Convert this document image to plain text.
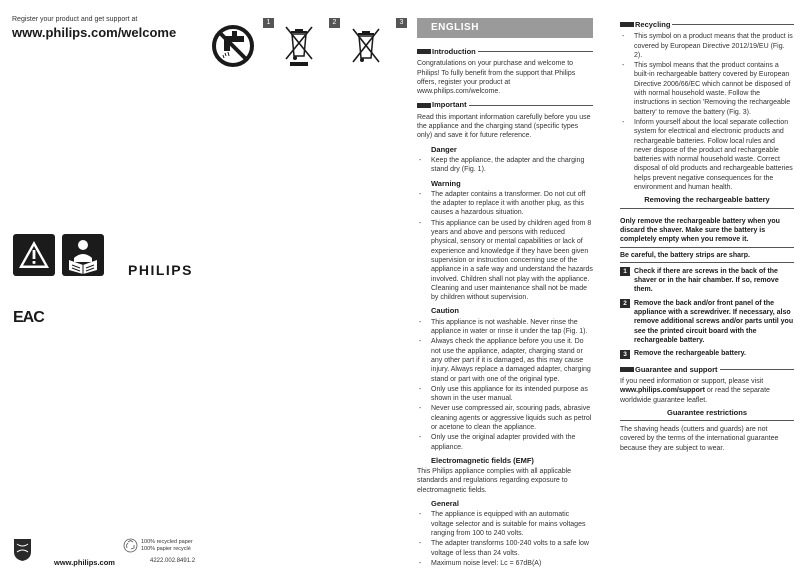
Register your product and get support at
www.philips.com/welcome
1	2	3
PHILIPS
EAC
www.philips.com
100% recycled paper
100% papier recyclé
4222.002.8491.2
ENGLISH
Introduction

Congratulations on your purchase and welcome to Philips! To fully benefit from the support that Philips offers, register your product at www.philips.com/welcome.

Important

Read this important information carefully before you use the appliance and the charging stand (specific types only) and save it for future reference.

Danger
- Keep the appliance, the adapter and the charging stand dry (Fig. 1).
Warning
- The adapter contains a transformer. Do not cut off the adapter to replace it with another plug, as this causes a hazardous situation.
- This appliance can be used by children aged from 8 years and above and persons with reduced physical, sensory or mental capabilities or lack of experience and knowledge if they have been given supervision or instruction concerning use of the appliance in a safe way and understand the hazards involved. Children shall not play with the appliance. Cleaning and user maintenance shall not be made by children without supervision.
Caution
- This appliance is not washable. Never rinse the appliance in water or rinse it under the tap (Fig. 1).
- Always check the appliance before you use it. Do not use the appliance, adapter, charging stand or any other part if it is damaged, as this may cause injury. Always replace a damaged adapter, charging stand or part with one of the original type.
- Only use this appliance for its intended purpose as shown in the user manual.
- Never use compressed air, scouring pads, abrasive cleaning agents or aggressive liquids such as petrol or acetone to clean the appliance.
- Only use the original adapter provided with the appliance.
Electromagnetic fields (EMF)

This Philips appliance complies with all applicable standards and regulations regarding exposure to electromagnetic fields.

General
- The appliance is equipped with an automatic voltage selector and is suitable for mains voltages ranging from 100 to 240 volts.
- The adapter transforms 100-240 volts to a safe low voltage of less than 24 volts.
- Maximum noise level: Lc = 67dB(A)
Recycling
- This symbol on a product means that the product is covered by European Directive 2012/19/EU (Fig. 2).
- This symbol means that the product contains a built-in rechargeable battery covered by European Directive 2006/66/EC which cannot be disposed of with normal household waste. Follow the instructions in section 'Removing the rechargeable battery' to remove the battery (Fig. 3).
- Inform yourself about the local separate collection system for electrical and electronic products and rechargeable batteries. Follow local rules and never dispose of the product and rechargeable batteries with normal household waste. Correct disposal of old products and rechargeable batteries helps prevent negative consequences for the environment and human health.
Removing the rechargeable battery

Only remove the rechargeable battery when you discard the shaver. Make sure the battery is completely empty when you remove it.

Be careful, the battery strips are sharp.

1	Check if there are screws in the back of the shaver or in the hair chamber. If so, remove them.
2	Remove the back and/or front panel of the appliance with a screwdriver. If necessary, also remove additional screws and/or parts until you see the printed circuit board with the rechargeable battery.
3	Remove the rechargeable battery.
Guarantee and support

If you need information or support, please visit www.philips.com/support or read the separate worldwide guarantee leaflet.

Guarantee restrictions

The shaving heads (cutters and guards) are not covered by the terms of the international guarantee because they are subject to wear.
